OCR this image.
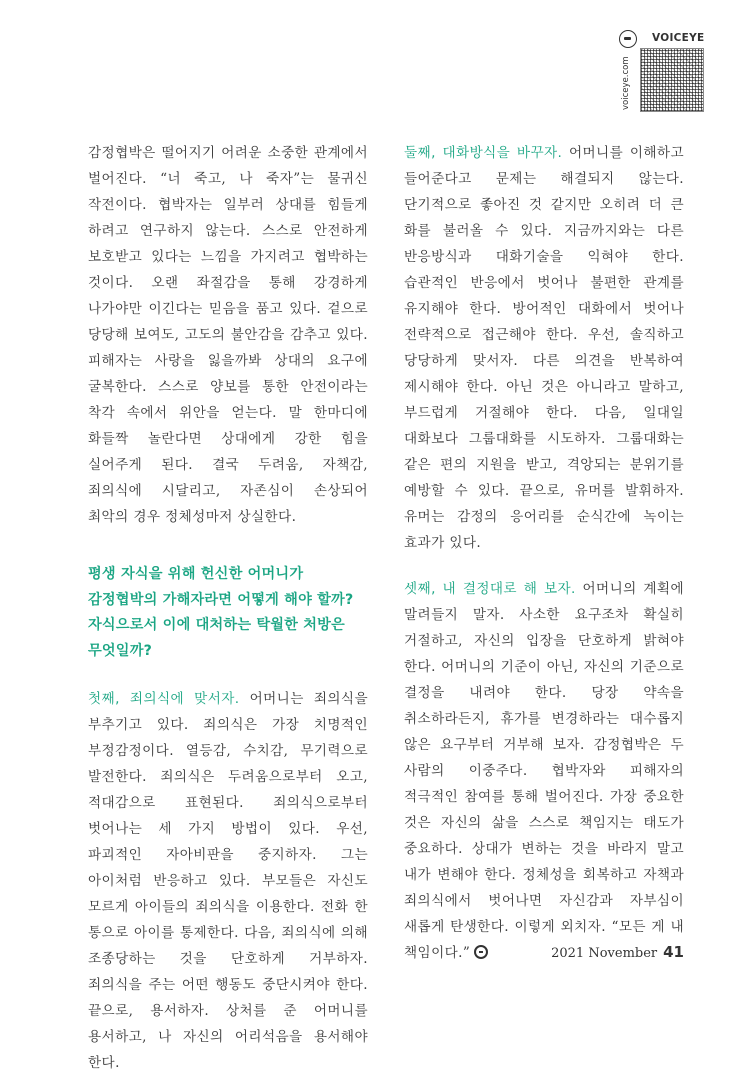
VOICEYE
voiceye.com

감정협박은 떨어지기 어려운 소중한 관계에서 벌어진다. “너 죽고, 나 죽자”는 물귀신 작전이다. 협박자는 일부러 상대를 힘들게 하려고 연구하지 않는다. 스스로 안전하게 보호받고 있다는 느낌을 가지려고 협박하는 것이다. 오랜 좌절감을 통해 강경하게 나가야만 이긴다는 믿음을 품고 있다. 겉으로 당당해 보여도, 고도의 불안감을 감추고 있다. 피해자는 사랑을 잃을까봐 상대의 요구에 굴복한다. 스스로 양보를 통한 안전이라는 착각 속에서 위안을 얻는다. 말 한마디에 화들짝 놀란다면 상대에게 강한 힘을 실어주게 된다. 결국 두려움, 자책감, 죄의식에 시달리고, 자존심이 손상되어 최악의 경우 정체성마저 상실한다.

평생 자식을 위해 헌신한 어머니가 감정협박의 가해자라면 어떻게 해야 할까? 자식으로서 이에 대처하는 탁월한 처방은 무엇일까?

첫째, 죄의식에 맞서자. 어머니는 죄의식을 부추기고 있다. 죄의식은 가장 치명적인 부정감정이다. 열등감, 수치감, 무기력으로 발전한다. 죄의식은 두려움으로부터 오고, 적대감으로 표현된다. 죄의식으로부터 벗어나는 세 가지 방법이 있다. 우선, 파괴적인 자아비판을 중지하자. 그는 아이처럼 반응하고 있다. 부모들은 자신도 모르게 아이들의 죄의식을 이용한다. 전화 한 통으로 아이를 통제한다. 다음, 죄의식에 의해 조종당하는 것을 단호하게 거부하자. 죄의식을 주는 어떤 행동도 중단시켜야 한다. 끝으로, 용서하자. 상처를 준 어머니를 용서하고, 나 자신의 어리석음을 용서해야 한다.

둘째, 대화방식을 바꾸자. 어머니를 이해하고 들어준다고 문제는 해결되지 않는다. 단기적으로 좋아진 것 같지만 오히려 더 큰 화를 불러올 수 있다. 지금까지와는 다른 반응방식과 대화기술을 익혀야 한다. 습관적인 반응에서 벗어나 불편한 관계를 유지해야 한다. 방어적인 대화에서 벗어나 전략적으로 접근해야 한다. 우선, 솔직하고 당당하게 맞서자. 다른 의견을 반복하여 제시해야 한다. 아닌 것은 아니라고 말하고, 부드럽게 거절해야 한다. 다음, 일대일 대화보다 그룹대화를 시도하자. 그룹대화는 같은 편의 지원을 받고, 격앙되는 분위기를 예방할 수 있다. 끝으로, 유머를 발휘하자. 유머는 감정의 응어리를 순식간에 녹이는 효과가 있다.

셋째, 내 결정대로 해 보자. 어머니의 계획에 말려들지 말자. 사소한 요구조차 확실히 거절하고, 자신의 입장을 단호하게 밝혀야 한다. 어머니의 기준이 아닌, 자신의 기준으로 결정을 내려야 한다. 당장 약속을 취소하라든지, 휴가를 변경하라는 대수롭지 않은 요구부터 거부해 보자. 감정협박은 두 사람의 이중주다. 협박자와 피해자의 적극적인 참여를 통해 벌어진다. 가장 중요한 것은 자신의 삶을 스스로 책임지는 태도가 중요하다. 상대가 변하는 것을 바라지 말고 내가 변해야 한다. 정체성을 회복하고 자책과 죄의식에서 벗어나면 자신감과 자부심이 새롭게 탄생한다. 이렇게 외치자. “모든 게 내 책임이다.”	2021 November 41
